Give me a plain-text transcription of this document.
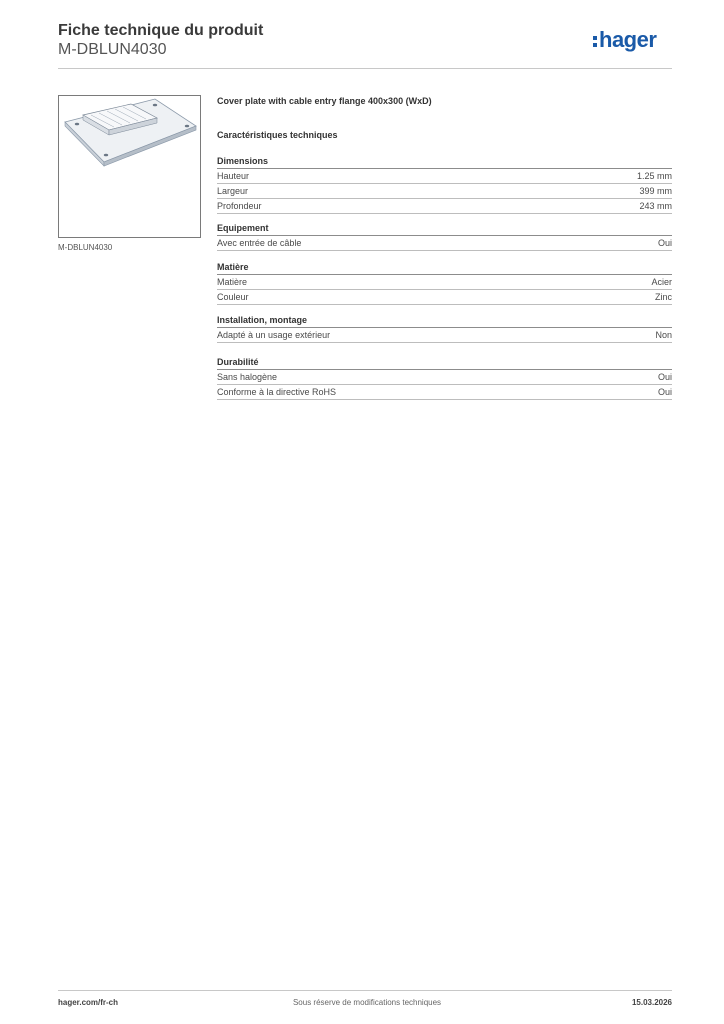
Fiche technique du produit
M-DBLUN4030	hager
M-DBLUN4030
Cover plate with cable entry flange 400x300 (WxD)
Caractéristiques techniques
Dimensions
Hauteur	1.25 mm
Largeur	399 mm
Profondeur	243 mm
Equipement
Avec entrée de câble	Oui
Matière
Matière	Acier
Couleur	Zinc
Installation, montage
Adapté à un usage extérieur	Non
Durabilité
Sans halogène	Oui
Conforme à la directive RoHS	Oui
hager.com/fr-ch	Sous réserve de modifications techniques	15.03.2026
